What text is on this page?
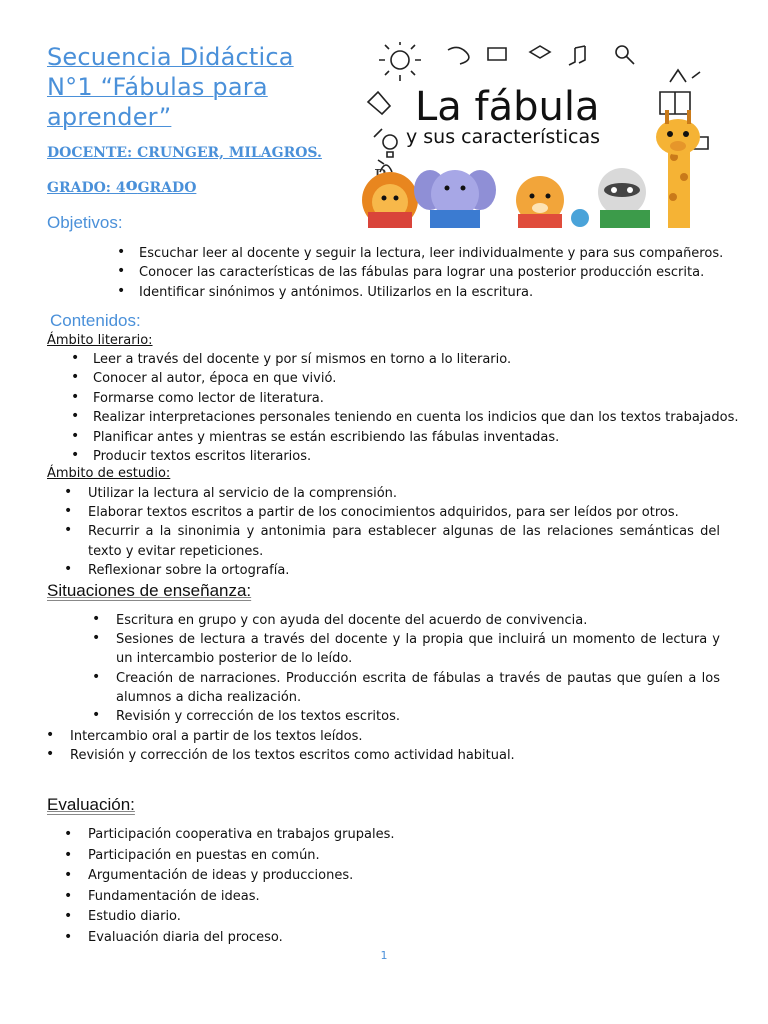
Secuencia Didáctica
N°1 “Fábulas para
aprender”
DOCENTE: CRUNGER, MILAGROS.
GRADO: 4$^o$GRADO
Objetivos:
La fábula
y sus características
• Escuchar leer al docente y seguir la lectura, leer individualmente y para sus compañeros.
• Conocer las características de las fábulas para lograr una posterior producción escrita.
• Identificar sinónimos y antónimos. Utilizarlos en la escritura.
Contenidos:
Ámbito literario:
• Leer a través del docente y por sí mismos en torno a lo literario.
• Conocer al autor, época en que vivió.
• Formarse como lector de literatura.
• Realizar interpretaciones personales teniendo en cuenta los indicios que dan los textos trabajados.
• Planificar antes y mientras se están escribiendo las fábulas inventadas.
• Producir textos escritos literarios.
Ámbito de estudio:
• Utilizar la lectura al servicio de la comprensión.
• Elaborar textos escritos a partir de los conocimientos adquiridos, para ser leídos por otros.
• Recurrir a la sinonimia y antonimia para establecer algunas de las relaciones semánticas del texto y evitar repeticiones.
• Reflexionar sobre la ortografía.
Situaciones de enseñanza:
• Escritura en grupo y con ayuda del docente del acuerdo de convivencia.
• Sesiones de lectura a través del docente y la propia que incluirá un momento de lectura y un intercambio posterior de lo leído.
• Creación de narraciones. Producción escrita de fábulas a través de pautas que guíen a los alumnos a dicha realización.
• Revisión y corrección de los textos escritos.
• Intercambio oral a partir de los textos leídos.
• Revisión y corrección de los textos escritos como actividad habitual.
Evaluación:
• Participación cooperativa en trabajos grupales.
• Participación en puestas en común.
• Argumentación de ideas y producciones.
• Fundamentación de ideas.
• Estudio diario.
• Evaluación diaria del proceso.
1
